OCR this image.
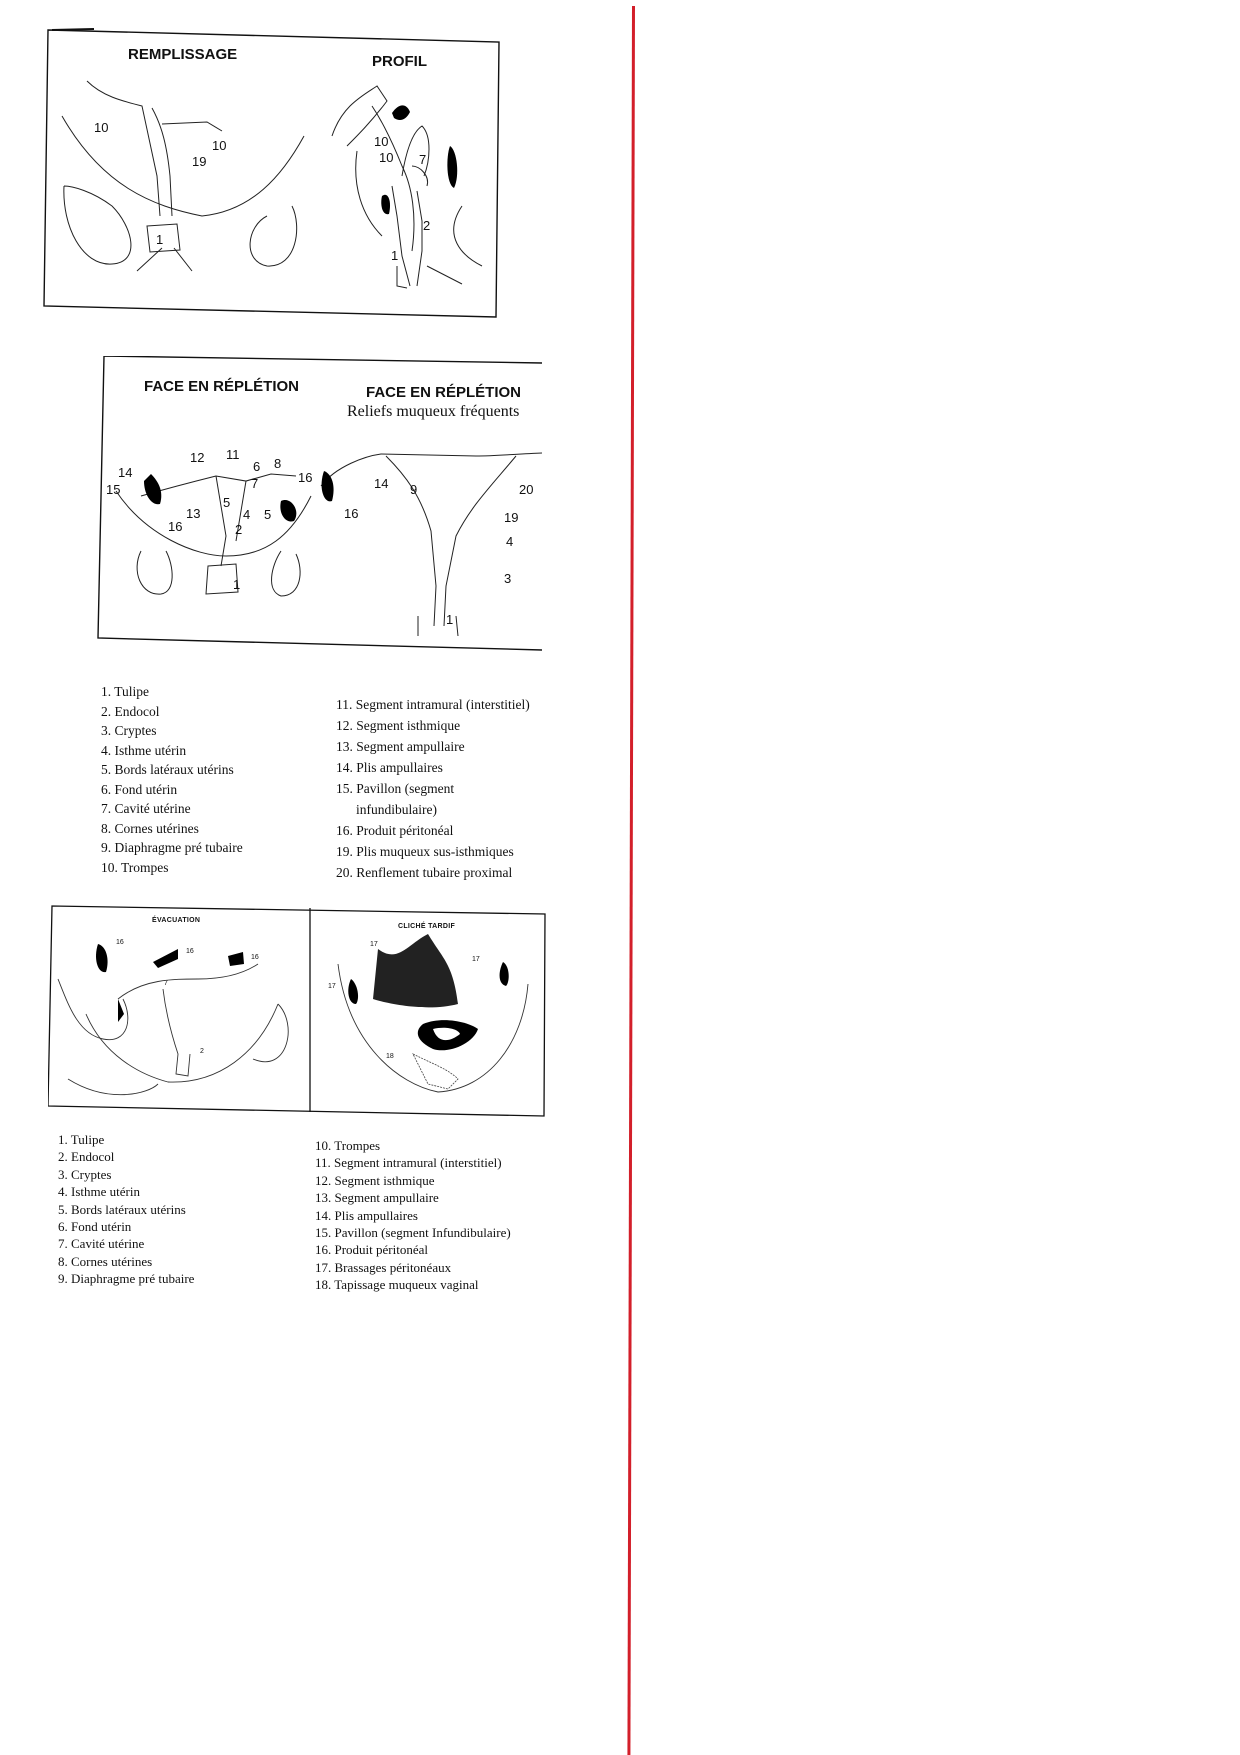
10
10
19
1
10
10 7
2
1
REMPLISSAGE	PROFIL
12 11
6 8
14
15	7	16
5
4 5
13
16	2
1
14 9	20
16	19
4
3
1
FACE EN RÉPLÉTION	FACE EN RÉPLÉTION
Reliefs muqueux fréquents
1. Tulipe
2. Endocol
3. Cryptes
4. Isthme utérin
5. Bords latéraux utérins
6. Fond utérin
7. Cavité utérine
8. Cornes utérines
9. Diaphragme pré tubaire
10. Trompes
11. Segment intramural (interstitiel)
12. Segment isthmique
13. Segment ampullaire
14. Plis ampullaires
15. Pavillon (segment
infundibulaire)
16. Produit péritonéal
19. Plis muqueux sus-isthmiques
20. Renflement tubaire proximal
16
16
16
7
2
17
17
17
18
ÉVACUATION
CLICHÉ TARDIF
1. Tulipe
2. Endocol
3. Cryptes
4. Isthme utérin
5. Bords latéraux utérins
6. Fond utérin
7. Cavité utérine
8. Cornes utérines
9. Diaphragme pré tubaire
10. Trompes
11. Segment intramural (interstitiel)
12. Segment isthmique
13. Segment ampullaire
14. Plis ampullaires
15. Pavillon (segment Infundibulaire)
16. Produit péritonéal
17. Brassages péritonéaux
18. Tapissage muqueux vaginal
